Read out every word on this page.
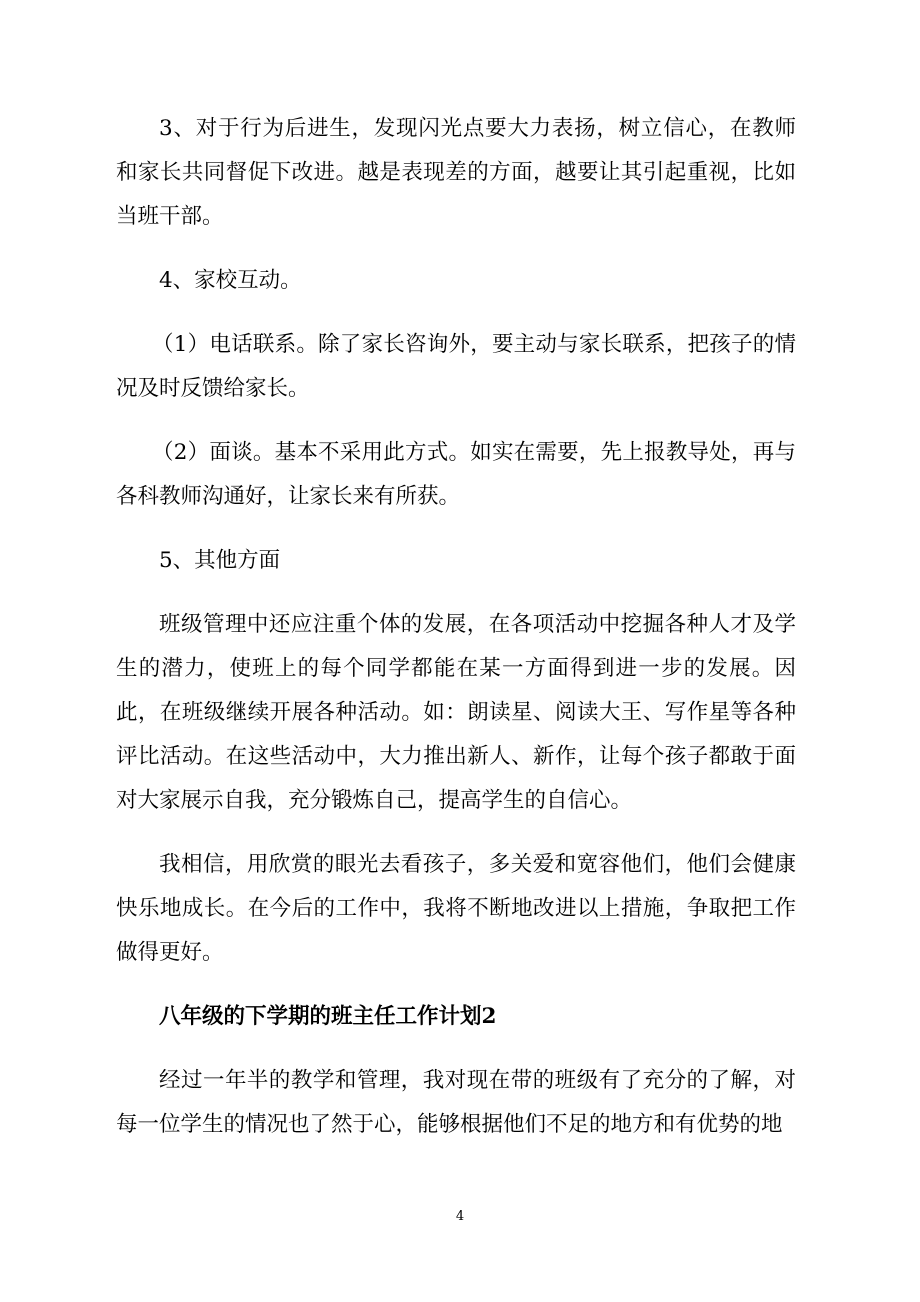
3、对于行为后进生，发现闪光点要大力表扬，树立信心，在教师和家长共同督促下改进。越是表现差的方面，越要让其引起重视，比如当班干部。

4、家校互动。

（1）电话联系。除了家长咨询外，要主动与家长联系，把孩子的情况及时反馈给家长。

（2）面谈。基本不采用此方式。如实在需要，先上报教导处，再与各科教师沟通好，让家长来有所获。

5、其他方面

班级管理中还应注重个体的发展，在各项活动中挖掘各种人才及学生的潜力，使班上的每个同学都能在某一方面得到进一步的发展。因此，在班级继续开展各种活动。如：朗读星、阅读大王、写作星等各种评比活动。在这些活动中，大力推出新人、新作，让每个孩子都敢于面对大家展示自我，充分锻炼自己，提高学生的自信心。

我相信，用欣赏的眼光去看孩子，多关爱和宽容他们，他们会健康快乐地成长。在今后的工作中，我将不断地改进以上措施，争取把工作做得更好。

八年级的下学期的班主任工作计划2

经过一年半的教学和管理，我对现在带的班级有了充分的了解，对每一位学生的情况也了然于心，能够根据他们不足的地方和有优势的地

4
